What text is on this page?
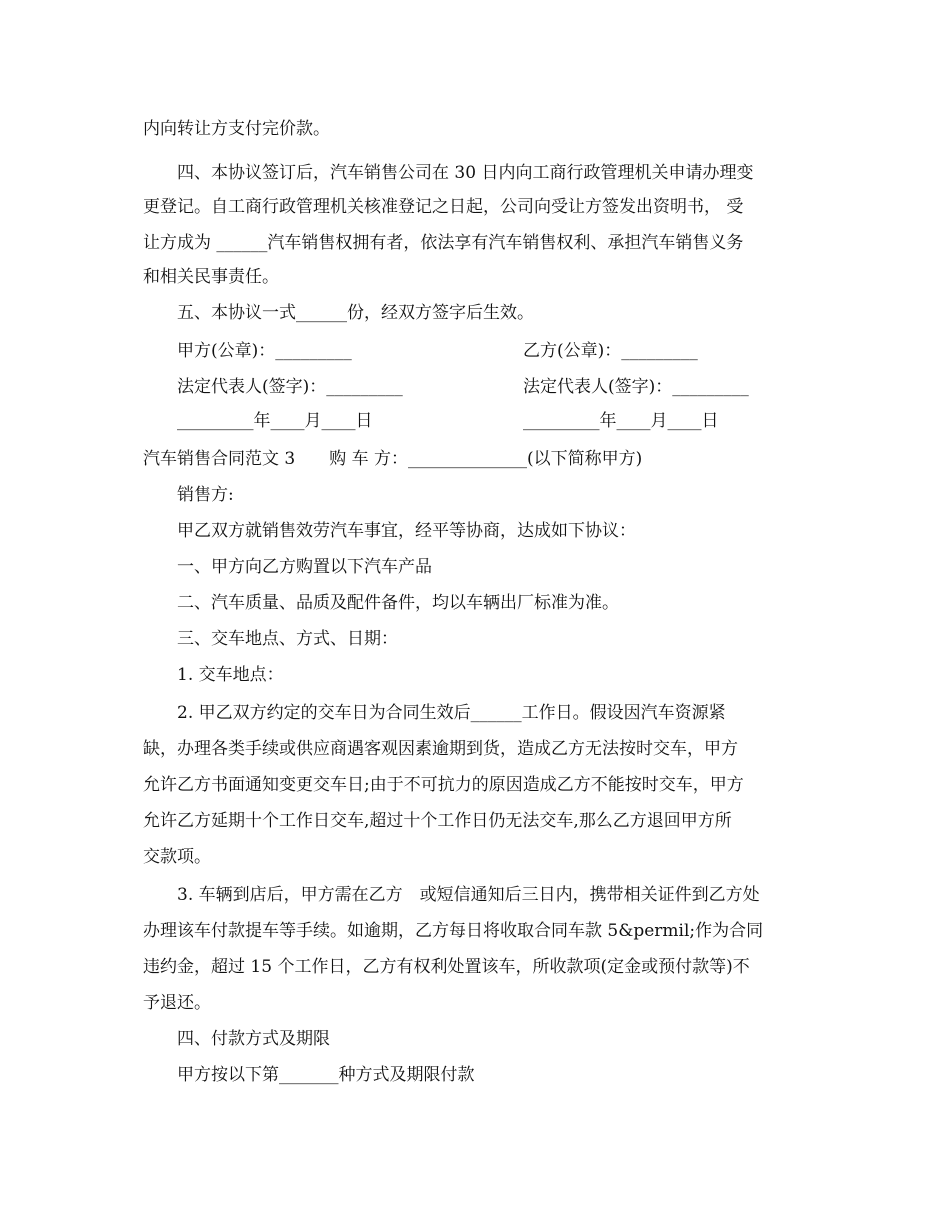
内向转让方支付完价款。
四、本协议签订后，汽车销售公司在 30 日内向工商行政管理机关申请办理变
更登记。自工商行政管理机关核准登记之日起，公司向受让方签发出资明书， 受
让方成为 ______汽车销售权拥有者，依法享有汽车销售权利、承担汽车销售义务
和相关民事责任。
五、本协议一式______份，经双方签字后生效。
甲方(公章)：_________	乙方(公章)：_________
法定代表人(签字)：_________	法定代表人(签字)：_________
_________年____月____日	_________年____月____日
汽车销售合同范文 3　　购 车 方：______________(以下简称甲方)
销售方:
甲乙双方就销售效劳汽车事宜，经平等协商，达成如下协议：
一、甲方向乙方购置以下汽车产品
二、汽车质量、品质及配件备件，均以车辆出厂标准为准。
三、交车地点、方式、日期：
1. 交车地点：
2. 甲乙双方约定的交车日为合同生效后______工作日。假设因汽车资源紧
缺，办理各类手续或供应商遇客观因素逾期到货，造成乙方无法按时交车，甲方
允许乙方书面通知变更交车日;由于不可抗力的原因造成乙方不能按时交车，甲方
允许乙方延期十个工作日交车,超过十个工作日仍无法交车,那么乙方退回甲方所
交款项。
3. 车辆到店后，甲方需在乙方　或短信通知后三日内，携带相关证件到乙方处
办理该车付款提车等手续。如逾期，乙方每日将收取合同车款 5&permil;作为合同
违约金，超过 15 个工作日，乙方有权利处置该车，所收款项(定金或预付款等)不
予退还。
四、付款方式及期限
甲方按以下第_______种方式及期限付款
